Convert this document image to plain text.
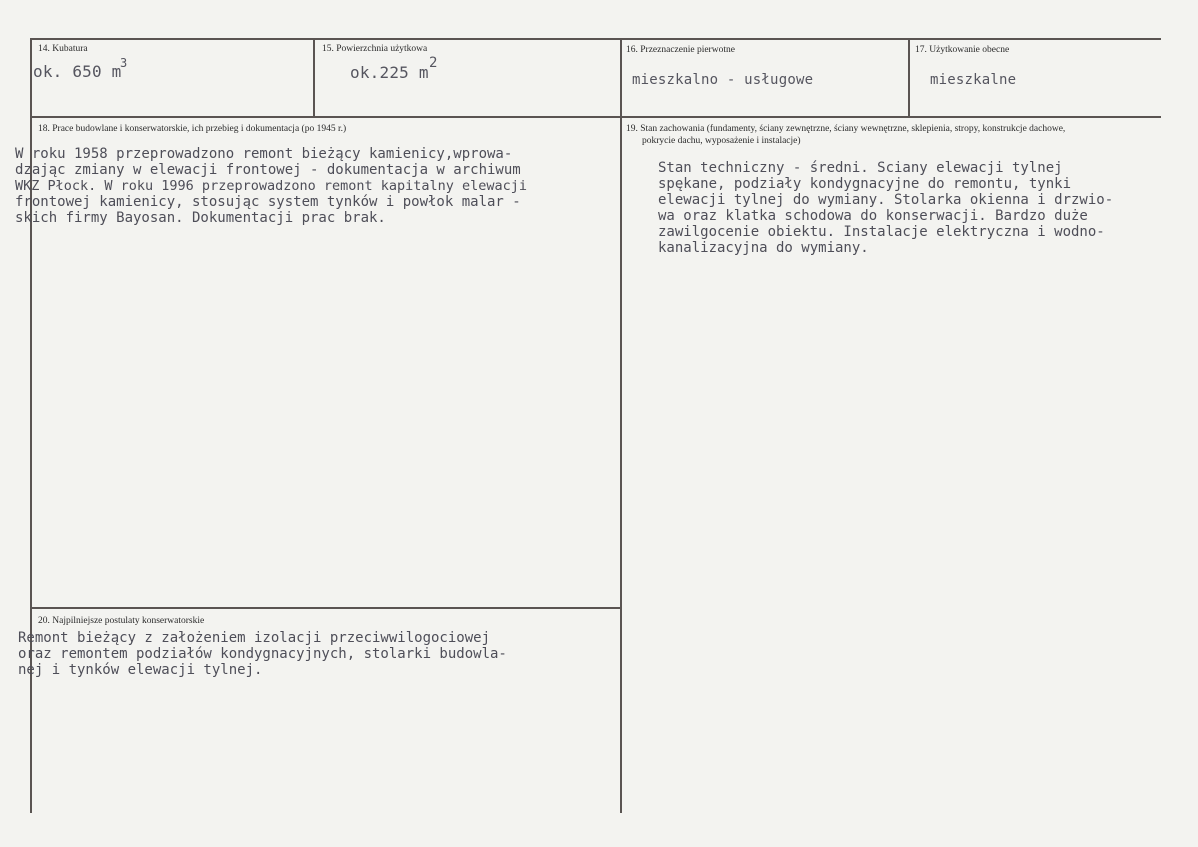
14. Kubatura
ok. 650 m
3
15. Powierzchnia użytkowa
ok.225 m 2
16. Przeznaczenie pierwotne
mieszkalno - usługowe
17. Użytkowanie obecne
mieszkalne
18. Prace budowlane i konserwatorskie, ich przebieg i dokumentacja (po 1945 r.)
W roku 1958 przeprowadzono remont bieżący kamienicy,wprowa-
dzając zmiany w elewacji frontowej - dokumentacja w archiwum
WKZ Płock. W roku 1996 przeprowadzono remont kapitalny elewacji
frontowej kamienicy, stosując system tynków i powłok malar -
skich firmy Bayosan. Dokumentacji prac brak.
19. Stan zachowania (fundamenty, ściany zewnętrzne, ściany wewnętrzne, sklepienia, stropy, konstrukcje dachowe,
pokrycie dachu, wyposażenie i instalacje)
Stan techniczny - średni. Sciany elewacji tylnej
spękane, podziały kondygnacyjne do remontu, tynki
elewacji tylnej do wymiany. Stolarka okienna i drzwio-
wa oraz klatka schodowa do konserwacji. Bardzo duże
zawilgocenie obiektu. Instalacje elektryczna i wodno-
kanalizacyjna do wymiany.
20. Najpilniejsze postulaty konserwatorskie
Remont bieżący z założeniem izolacji przeciwwilogociowej
oraz remontem podziałów kondygnacyjnych, stolarki budowla-
nej i tynków elewacji tylnej.
